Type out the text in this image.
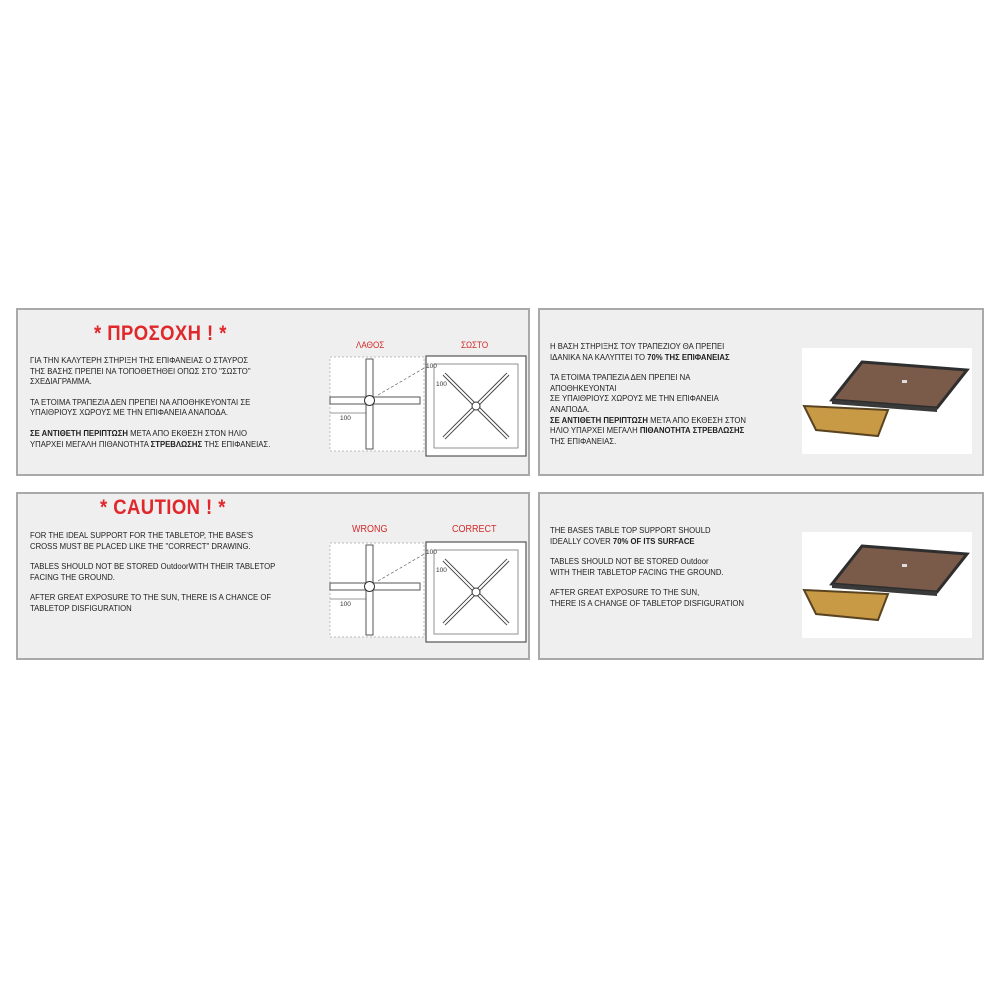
* ΠΡΟΣΟΧΗ ! *
ΓΙΑ ΤΗΝ ΚΑΛΥΤΕΡΗ ΣΤΗΡΙΞΗ ΤΗΣ ΕΠΙΦΑΝΕΙΑΣ Ο ΣΤΑΥΡΟΣ
ΤΗΣ ΒΑΣΗΣ ΠΡΕΠΕΙ ΝΑ ΤΟΠΟΘΕΤΗΘΕΙ ΟΠΩΣ ΣΤΟ "ΣΩΣΤΟ"
ΣΧΕΔΙΑΓΡΑΜΜΑ.
ΤΑ ΕΤΟΙΜΑ ΤΡΑΠΕΖΙΑ ΔΕΝ ΠΡΕΠΕΙ ΝΑ ΑΠΟΘΗΚΕΥΟΝΤΑΙ ΣΕ
ΥΠΑΙΘΡΙΟΥΣ ΧΩΡΟΥΣ ΜΕ ΤΗΝ ΕΠΙΦΑΝΕΙΑ ΑΝΑΠΟΔΑ.
ΣΕ ΑΝΤΙΘΕΤΗ ΠΕΡΙΠΤΩΣΗ ΜΕΤΑ ΑΠΟ ΕΚΘΕΣΗ ΣΤΟΝ ΗΛΙΟ
ΥΠΑΡΧΕΙ ΜΕΓΑΛΗ ΠΙΘΑΝΟΤΗΤΑ ΣΤΡΕΒΛΩΣΗΣ ΤΗΣ ΕΠΙΦΑΝΕΙΑΣ.
ΛΑΘΟΣ	ΣΩΣΤΟ
100
100
100
Η ΒΑΣΗ ΣΤΗΡΙΞΗΣ ΤΟΥ ΤΡΑΠΕΖΙΟΥ ΘΑ ΠΡΕΠΕΙ
ΙΔΑΝΙΚΑ ΝΑ ΚΑΛΥΠΤΕΙ ΤΟ 70% ΤΗΣ ΕΠΙΦΑΝΕΙΑΣ
ΤΑ ΕΤΟΙΜΑ ΤΡΑΠΕΖΙΑ ΔΕΝ ΠΡΕΠΕΙ ΝΑ
ΑΠΟΘΗΚΕΥΟΝΤΑΙ
ΣΕ ΥΠΑΙΘΡΙΟΥΣ ΧΩΡΟΥΣ ΜΕ ΤΗΝ ΕΠΙΦΑΝΕΙΑ
ΑΝΑΠΟΔΑ.
ΣΕ ΑΝΤΙΘΕΤΗ ΠΕΡΙΠΤΩΣΗ ΜΕΤΑ ΑΠΟ ΕΚΘΕΣΗ ΣΤΟΝ
ΗΛΙΟ ΥΠΑΡΧΕΙ ΜΕΓΑΛΗ ΠΙΘΑΝΟΤΗΤΑ ΣΤΡΕΒΛΩΣΗΣ
ΤΗΣ ΕΠΙΦΑΝΕΙΑΣ.
* CAUTION ! *
FOR THE IDEAL SUPPORT FOR THE TABLETOP, THE BASE'S
CROSS MUST BE PLACED LIKE THE "CORRECT" DRAWING.
TABLES SHOULD NOT BE STORED OutdoorWITH THEIR TABLETOP
FACING THE GROUND.
AFTER GREAT EXPOSURE TO THE SUN, THERE IS A CHANCE OF
TABLETOP DISFIGURATION
WRONG	CORRECT
100
100
100
THE BASES TABLE TOP SUPPORT SHOULD
IDEALLY COVER 70% OF ITS SURFACE
TABLES SHOULD NOT BE STORED Outdoor
WITH THEIR TABLETOP FACING THE GROUND.
AFTER GREAT EXPOSURE TO THE SUN,
THERE IS A CHANGE OF TABLETOP DISFIGURATION
